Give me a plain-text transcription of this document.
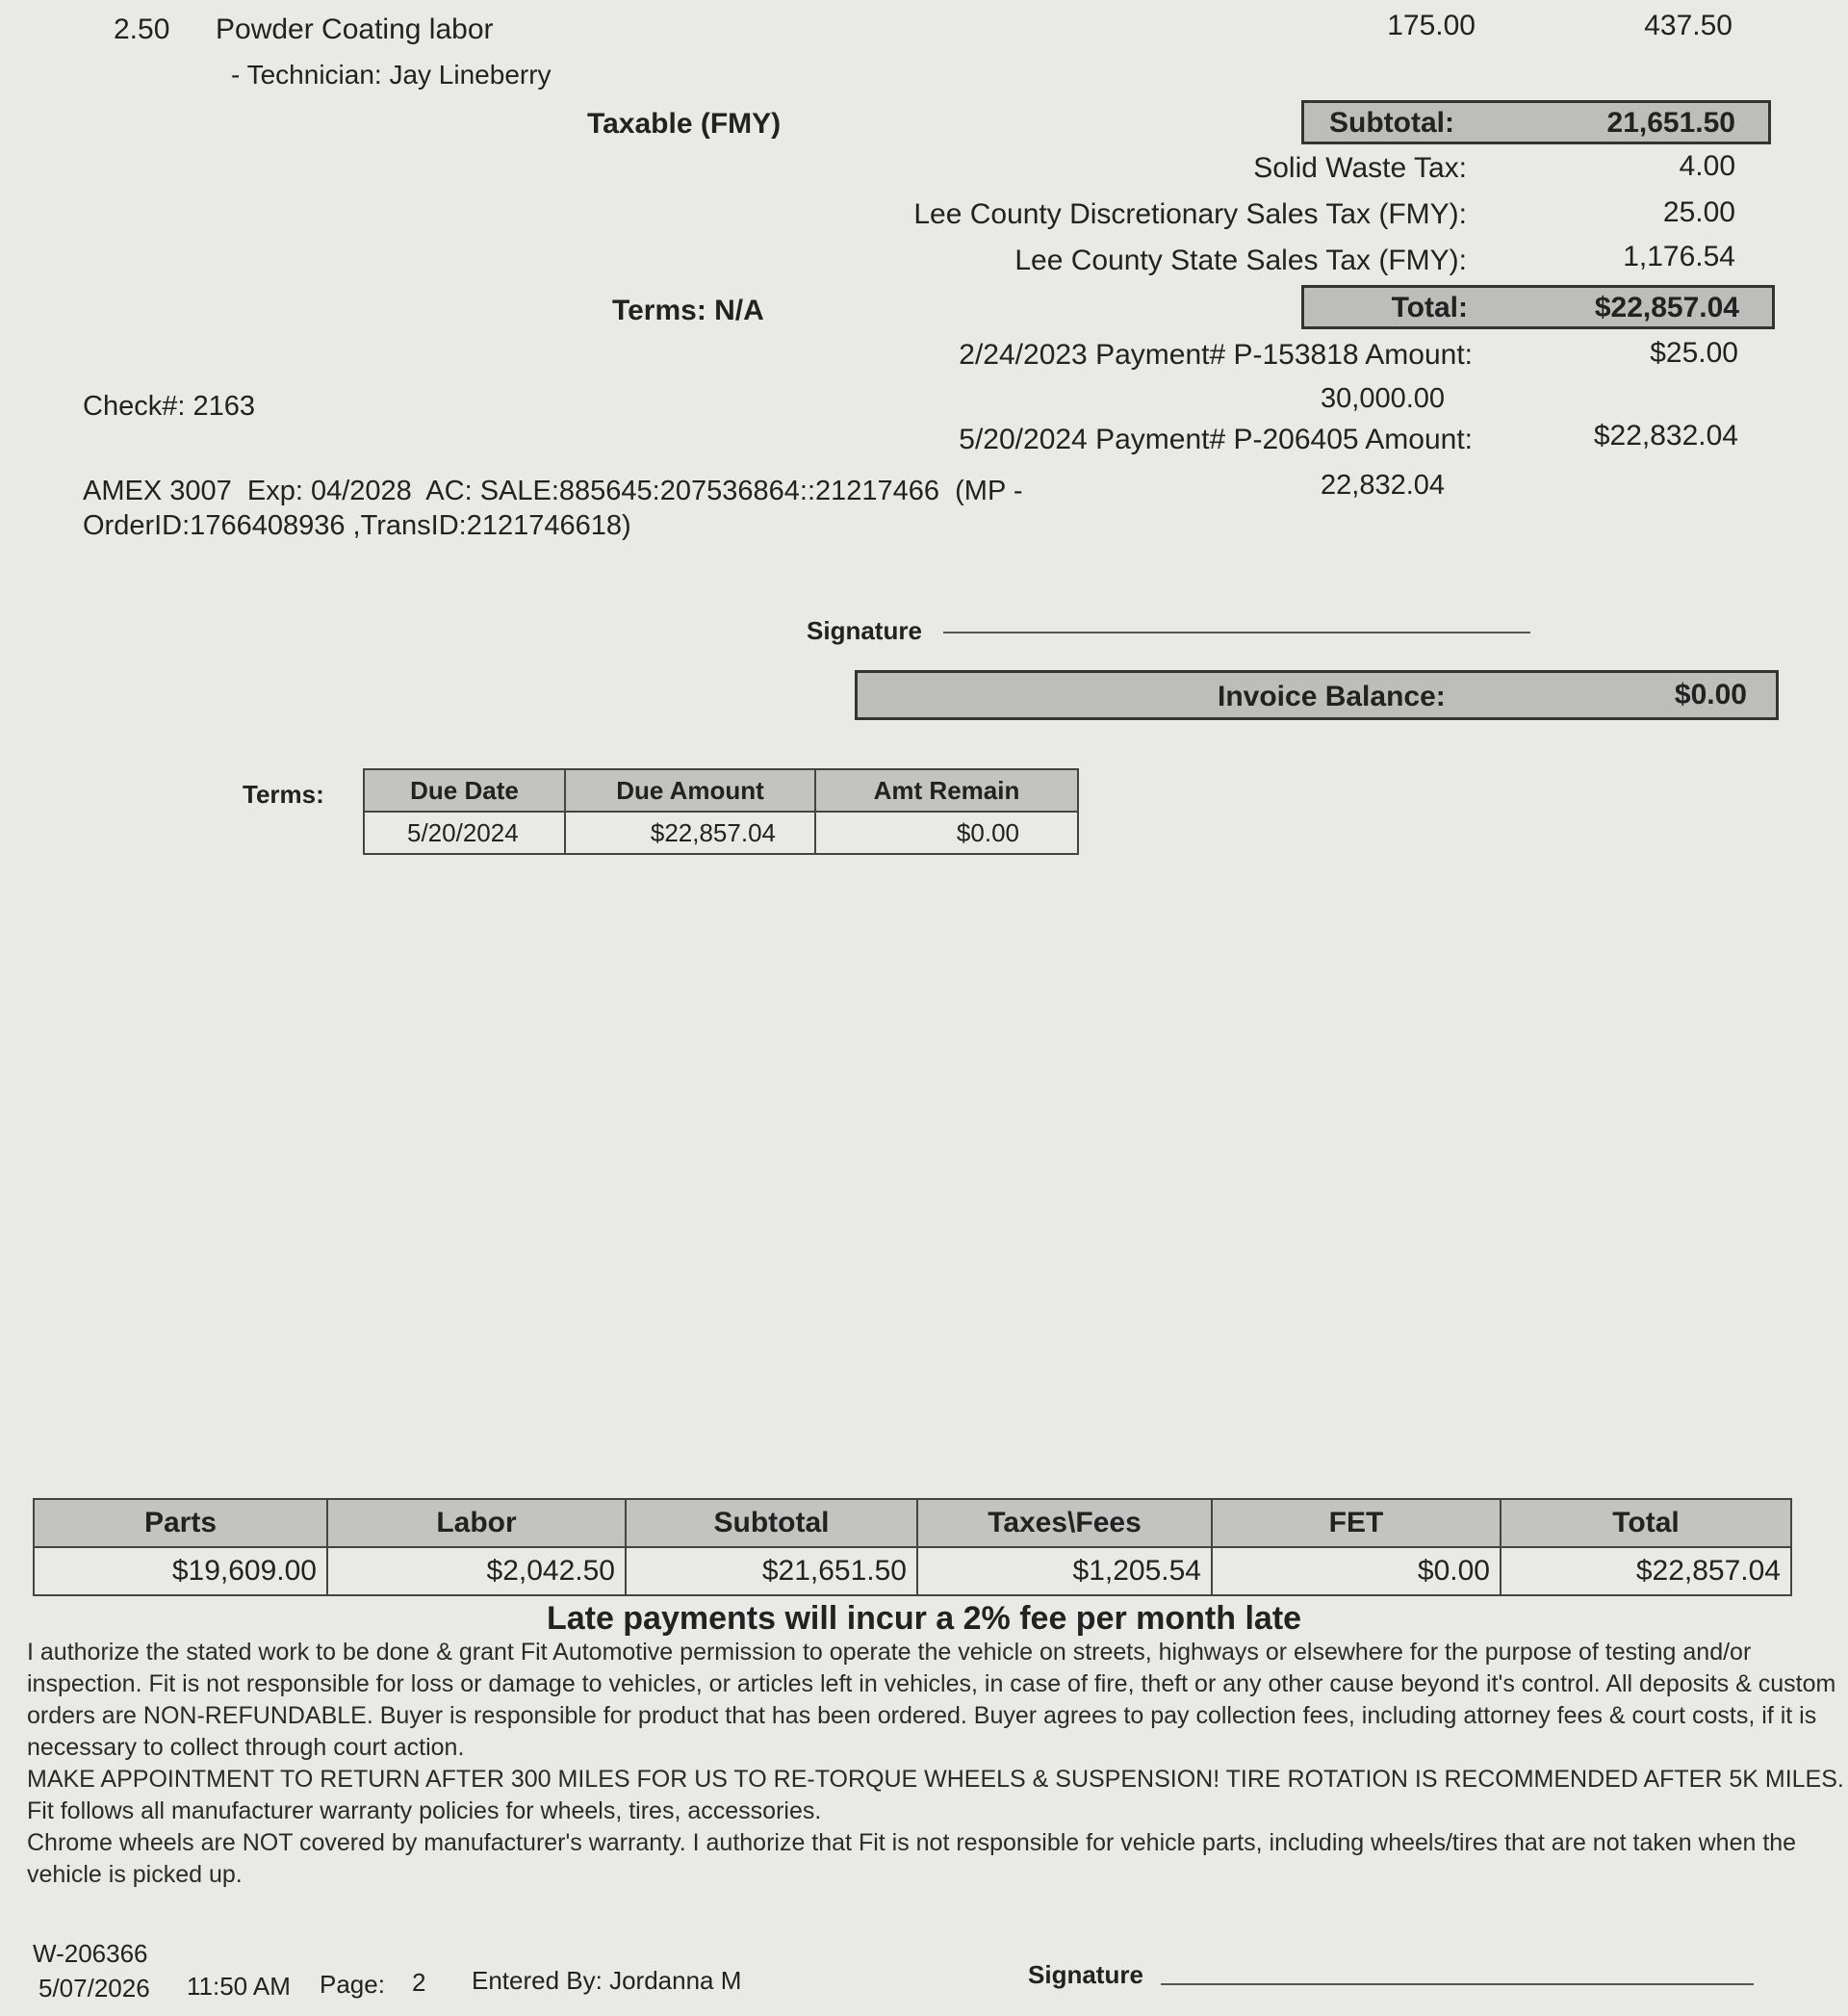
2.50 Powder Coating labor
- Technician: Jay Lineberry
175.00	437.50
Taxable (FMY)	Subtotal:	21,651.50
Solid Waste Tax:	4.00
Lee County Discretionary Sales Tax (FMY):	25.00
Lee County State Sales Tax (FMY):	1,176.54
Terms: N/A	Total:	$22,857.04
2/24/2023 Payment# P-153818 Amount:	$25.00
30,000.00
Check#: 2163
5/20/2024 Payment# P-206405 Amount:	$22,832.04
22,832.04
AMEX 3007  Exp: 04/2028  AC: SALE:885645:207536864::21217466  (MP -
OrderID:1766408936 ,TransID:2121746618)
Signature
Invoice Balance:	$0.00
Terms:	Due Date	Due Amount	Amt Remain
5/20/2024	$22,857.04	$0.00
Parts	Labor	Subtotal	Taxes\Fees	FET	Total
$19,609.00	$2,042.50	$21,651.50	$1,205.54	$0.00	$22,857.04
Late payments will incur a 2% fee per month late

I authorize the stated work to be done & grant Fit Automotive permission to operate the vehicle on streets, highways or elsewhere for the purpose of testing and/or inspection. Fit is not responsible for loss or damage to vehicles, or articles left in vehicles, in case of fire, theft or any other cause beyond it's control. All deposits & custom orders are NON-REFUNDABLE. Buyer is responsible for product that has been ordered. Buyer agrees to pay collection fees, including attorney fees & court costs, if it is necessary to collect through court action.

MAKE APPOINTMENT TO RETURN AFTER 300 MILES FOR US TO RE-TORQUE WHEELS & SUSPENSION! TIRE ROTATION IS RECOMMENDED AFTER 5K MILES. Fit follows all manufacturer warranty policies for wheels, tires, accessories.

Chrome wheels are NOT covered by manufacturer's warranty. I authorize that Fit is not responsible for vehicle parts, including wheels/tires that are not taken when the vehicle is picked up.

W-206366
5/07/2026 11:50 AM Page: 2 Entered By: Jordanna M	Signature
